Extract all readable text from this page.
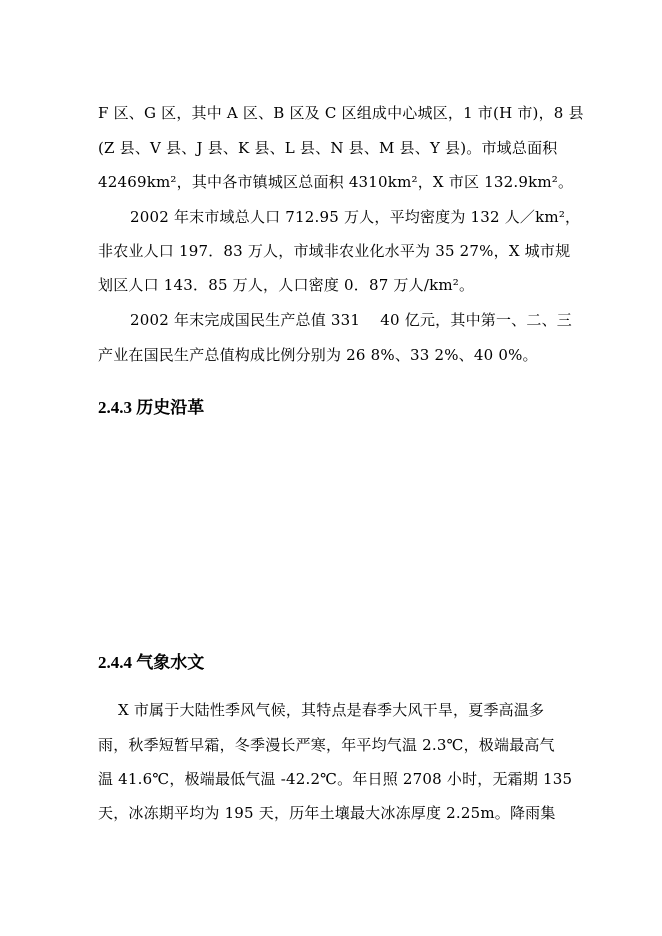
F 区、G 区，其中 A 区、B 区及 C 区组成中心城区，1 市(H 市)，8 县
(Z 县、V 县、J 县、K 县、L 县、N 县、M 县、Y 县)。市域总面积
42469km²，其中各市镇城区总面积 4310km²，X 市区 132.9km²。
2002 年末市域总人口 712.95 万人，平均密度为 132 人／km²，
非农业人口 197．83 万人，市域非农业化水平为 35 27%，X 城市规
划区人口 143．85 万人，人口密度 0．87 万人/km²。
2002 年末完成国民生产总值 331　 40 亿元，其中第一、二、三
产业在国民生产总值构成比例分别为 26 8%、33 2%、40 0%。
2.4.3 历史沿革
2.4.4 气象水文
X 市属于大陆性季风气候，其特点是春季大风干旱，夏季高温多
雨，秋季短暂早霜，冬季漫长严寒，年平均气温 2.3℃，极端最高气
温 41.6℃，极端最低气温 -42.2℃。年日照 2708 小时，无霜期 135
天，冰冻期平均为 195 天，历年土壤最大冰冻厚度 2.25m。降雨集
